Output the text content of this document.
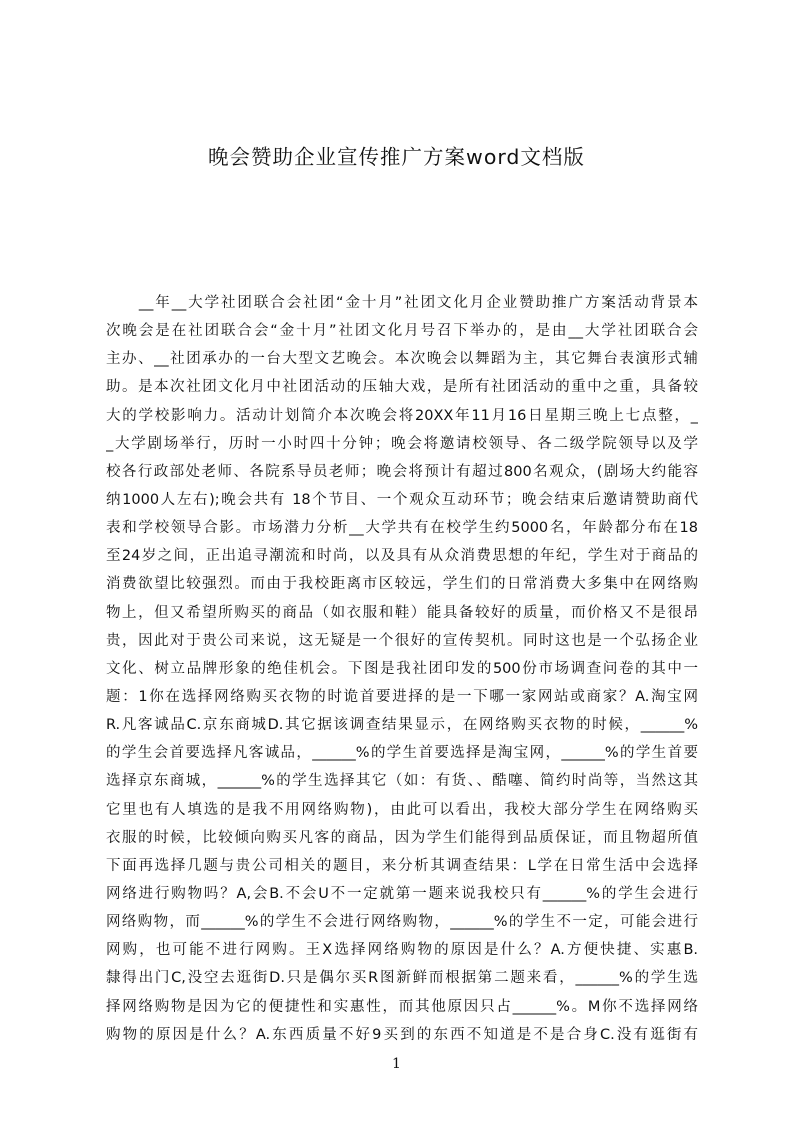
晚会赞助企业宣传推广方案word文档版
　　__年__大学社团联合会社团“金十月”社团文化月企业赞助推广方案活动背景本
次晚会是在社团联合会“金十月”社团文化月号召下举办的，是由__大学社团联合会
主办、__社团承办的一台大型文艺晚会。本次晚会以舞蹈为主，其它舞台表演形式辅
助。是本次社团文化月中社团活动的压轴大戏，是所有社团活动的重中之重，具备较
大的学校影响力。活动计划简介本次晚会将20XX年11月16日星期三晚上七点整，_
_大学剧场举行，历时一小时四十分钟；晚会将邀请校领导、各二级学院领导以及学
校各行政部处老师、各院系导员老师；晚会将预计有超过800名观众，(剧场大约能容
纳1000人左右);晚会共有 18个节目、一个观众互动环节；晚会结束后邀请赞助商代
表和学校领导合影。市场潜力分析__大学共有在校学生约5000名，年龄都分布在18
至24岁之间，正出追寻潮流和时尚，以及具有从众消费思想的年纪，学生对于商品的
消费欲望比较强烈。而由于我校距离市区较远，学生们的日常消费大多集中在网络购
物上，但又希望所购买的商品（如衣服和鞋）能具备较好的质量，而价格又不是很昂
贵，因此对于贵公司来说，这无疑是一个很好的宣传契机。同时这也是一个弘扬企业
文化、树立品牌形象的绝佳机会。下图是我社团印发的500份市场调查问卷的其中一
题：1你在选择网络购买衣物的时诡首要进择的是一下哪一家网站或商家？A.淘宝网
R.凡客诚品C.京东商城D.其它据该调查结果显示，在网络购买衣物的时候，______%
的学生会首要选择凡客诚品，______%的学生首要选择是淘宝网，______%的学生首要
选择京东商城，______%的学生选择其它（如：有货、、酷噻、简约时尚等，当然这其
它里也有人填选的是我不用网络购物)，由此可以看出，我校大部分学生在网络购买
衣服的时候，比较倾向购买凡客的商品，因为学生们能得到品质保证，而且物超所值
下面再选择几题与贵公司相关的题目，来分析其调查结果：L学在日常生活中会选择
网络进行购物吗？A,会B.不会U不一定就第一题来说我校只有______%的学生会进行
网络购物，而______%的学生不会进行网络购物，______%的学生不一定，可能会进行
网购，也可能不进行网购。王X选择网络购物的原因是什么？A.方便快捷、实惠B.
隸得出门C,没空去逛街D.只是偶尔买R图新鲜而根据第二题来看，______%的学生选
择网络购物是因为它的便捷性和实惠性，而其他原因只占______%。M你不选择网络
购物的原因是什么？A.东西质量不好9买到的东西不知道是不是合身C.没有逛街有
1
